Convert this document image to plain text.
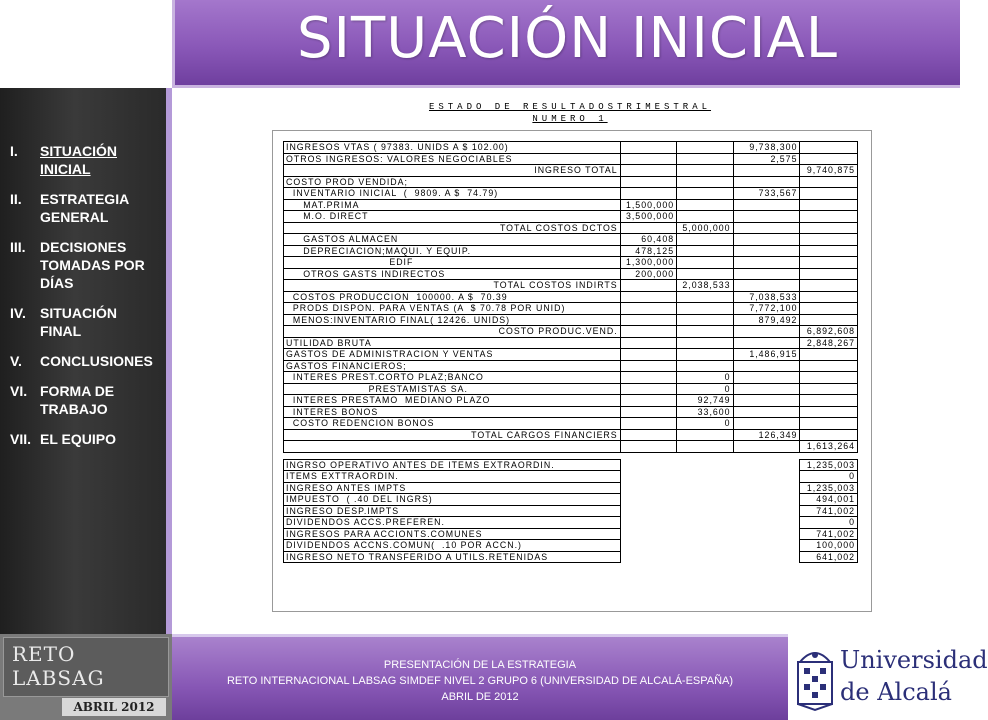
SITUACIÓN INICIAL
I.	SITUACIÓN INICIAL
II.	ESTRATEGIA GENERAL
III.	DECISIONES TOMADAS POR DÍAS
IV.	SITUACIÓN FINAL
V.	CONCLUSIONES
VI. FORMA DE TRABAJO
VII. EL EQUIPO
ESTADO DE RESULTADOSTRIMESTRAL
NUMERO 1
INGRESOS VTAS ( 97383. UNIDS A $ 102.00)			9,738,300	
OTROS INGRESOS: VALORES NEGOCIABLES			2,575	
INGRESO TOTAL				9,740,875
COSTO PROD VENDIDA;				
INVENTARIO INICIAL  (  9809. A $  74.79)			733,567	
MAT.PRIMA	1,500,000			
M.O. DIRECT	3,500,000			
TOTAL COSTOS DCTOS		5,000,000		
GASTOS ALMACEN	60,408			
DEPRECIACION;MAQUI. Y EQUIP.	478,125			
EDIF	1,300,000			
OTROS GASTS INDIRECTOS	200,000			
TOTAL COSTOS INDIRTS		2,038,533		
COSTOS PRODUCCION  100000. A $  70.39			7,038,533	
PRODS DISPON. PARA VENTAS (A  $ 70.78 POR UNID)			7,772,100	
MENOS:INVENTARIO FINAL( 12426. UNIDS)			879,492	
COSTO PRODUC.VEND.				6,892,608
UTILIDAD BRUTA				2,848,267
GASTOS DE ADMINISTRACION Y VENTAS			1,486,915	
GASTOS FINANCIEROS;				
INTERES PREST.CORTO PLAZ;BANCO		0		
PRESTAMISTAS SA.		0		
INTERES PRESTAMO  MEDIANO PLAZO		92,749		
INTERES BONOS		33,600		
COSTO REDENCION BONOS		0		
TOTAL CARGOS FINANCIERS			126,349	
				1,613,264

INGRSO OPERATIVO ANTES DE ITEMS EXTRAORDIN.				1,235,003
ITEMS EXTTRAORDIN.				0
INGRESO ANTES IMPTS				1,235,003
IMPUESTO  ( .40 DEL INGRS)				494,001
INGRESO DESP.IMPTS				741,002
DIVIDENDOS ACCS.PREFEREN.				0
INGRESOS PARA ACCIONTS.COMUNES				741,002
DIVIDENDOS ACCNS.COMUN(  .10 POR ACCN.)				100,000
INGRESO NETO TRANSFERIDO A UTILS.RETENIDAS				641,002
RETO
LABSAG
ABRIL 2012
PRESENTACIÓN DE LA ESTRATEGIA
RETO INTERNACIONAL LABSAG SIMDEF NIVEL 2 GRUPO 6 (UNIVERSIDAD DE ALCALÁ-ESPAÑA)
ABRIL DE 2012
Universidad
de Alcalá
